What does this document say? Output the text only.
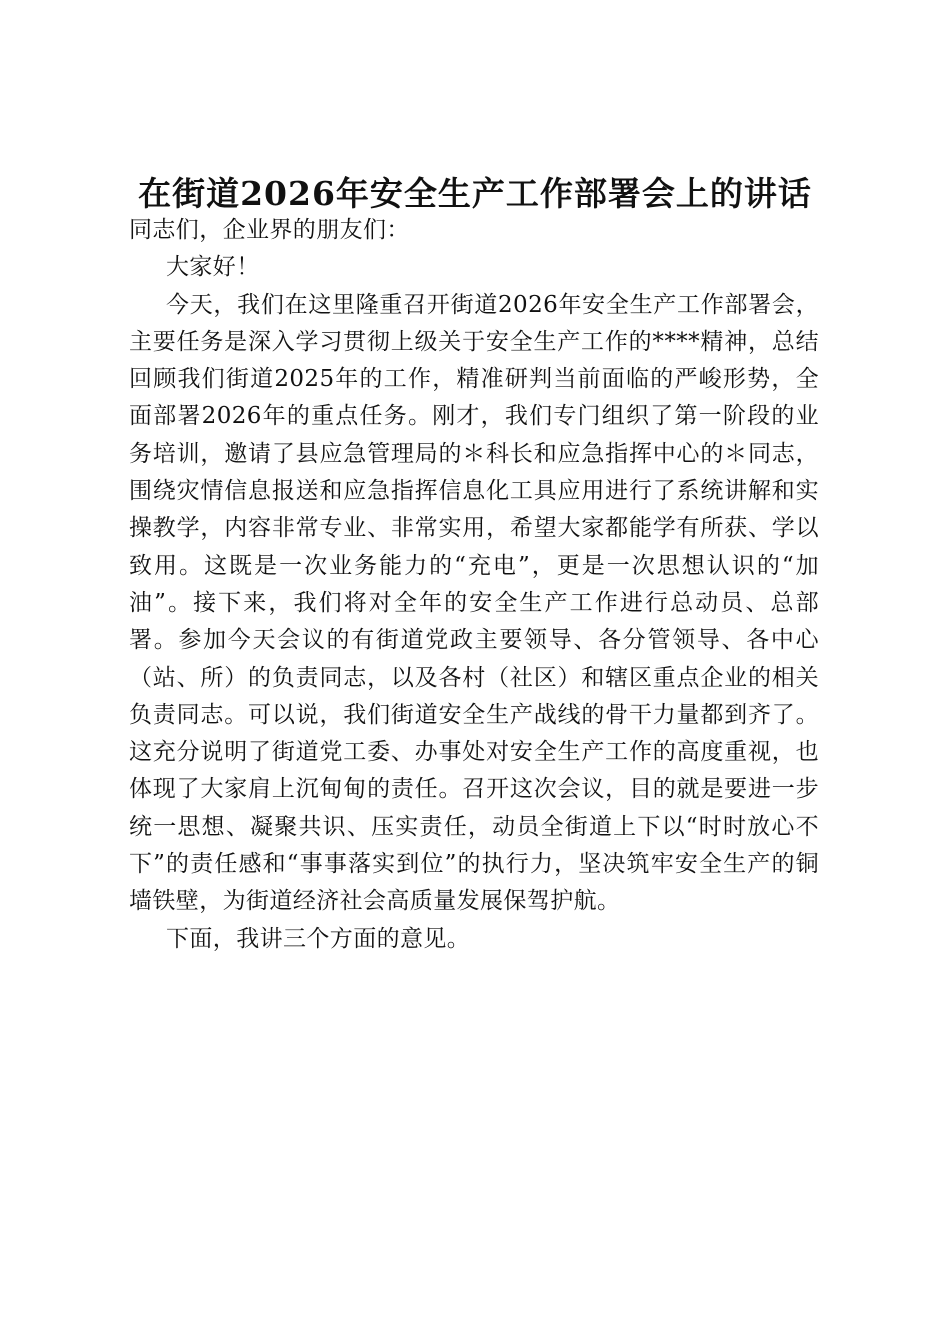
在街道2026年安全生产工作部署会上的讲话

同志们，企业界的朋友们：

大家好！

今天，我们在这里隆重召开街道2026年安全生产工作部署会，主要任务是深入学习贯彻上级关于安全生产工作的****精神，总结回顾我们街道2025年的工作，精准研判当前面临的严峻形势，全面部署2026年的重点任务。刚才，我们专门组织了第一阶段的业务培训，邀请了县应急管理局的＊科长和应急指挥中心的＊同志，围绕灾情信息报送和应急指挥信息化工具应用进行了系统讲解和实操教学，内容非常专业、非常实用，希望大家都能学有所获、学以致用。这既是一次业务能力的“充电”，更是一次思想认识的“加油”。接下来，我们将对全年的安全生产工作进行总动员、总部署。参加今天会议的有街道党政主要领导、各分管领导、各中心（站、所）的负责同志，以及各村（社区）和辖区重点企业的相关负责同志。可以说，我们街道安全生产战线的骨干力量都到齐了。这充分说明了街道党工委、办事处对安全生产工作的高度重视，也体现了大家肩上沉甸甸的责任。召开这次会议，目的就是要进一步统一思想、凝聚共识、压实责任，动员全街道上下以“时时放心不下”的责任感和“事事落实到位”的执行力，坚决筑牢安全生产的铜墙铁壁，为街道经济社会高质量发展保驾护航。

下面，我讲三个方面的意见。
